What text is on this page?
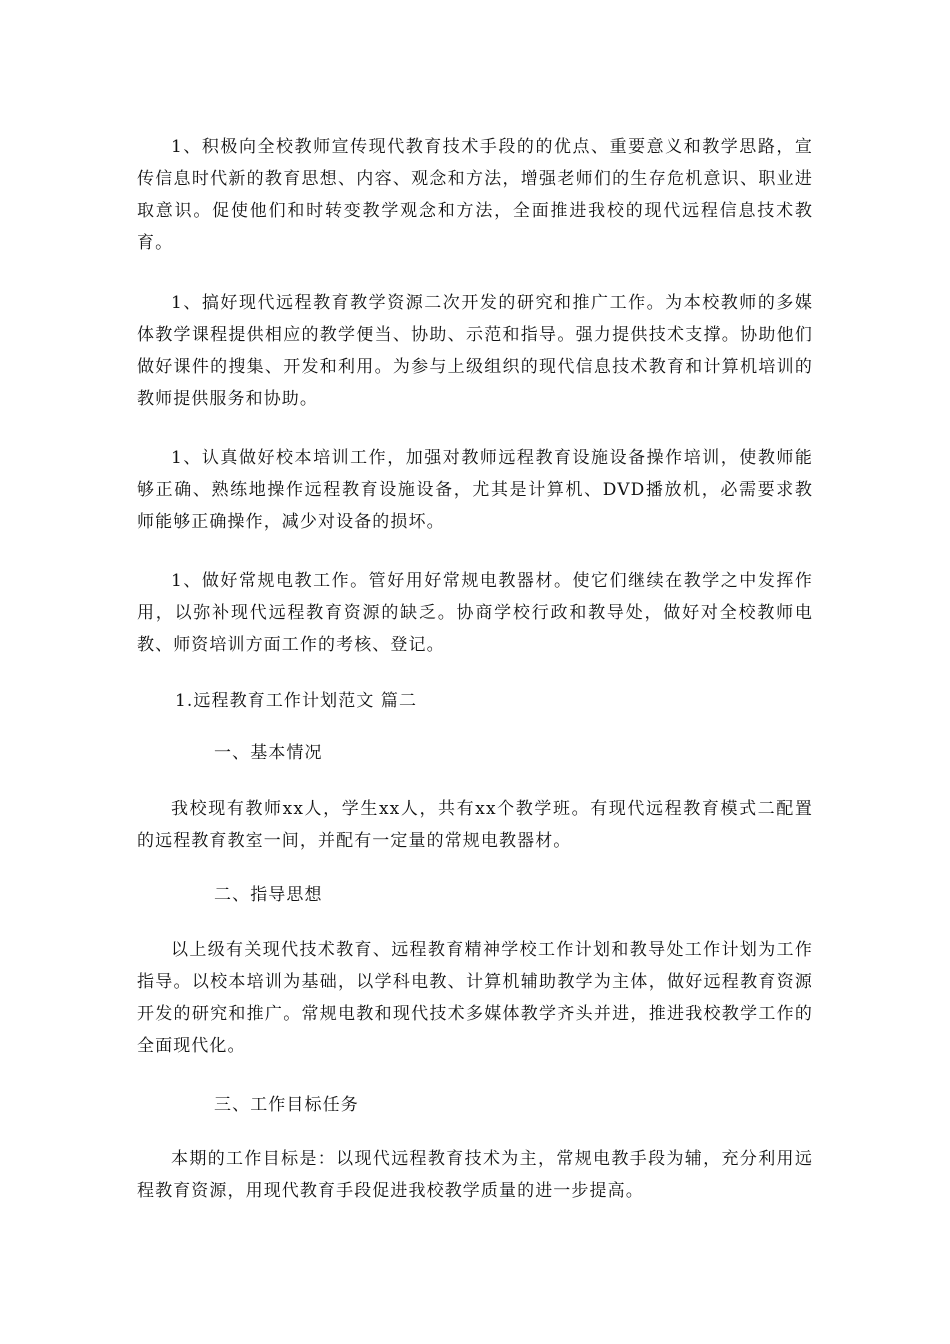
1、积极向全校教师宣传现代教育技术手段的的优点、重要意义和教学思路，宣传信息时代新的教育思想、内容、观念和方法，增强老师们的生存危机意识、职业进取意识。促使他们和时转变教学观念和方法，全面推进我校的现代远程信息技术教育。

1、搞好现代远程教育教学资源二次开发的研究和推广工作。为本校教师的多媒体教学课程提供相应的教学便当、协助、示范和指导。强力提供技术支撑。协助他们做好课件的搜集、开发和利用。为参与上级组织的现代信息技术教育和计算机培训的教师提供服务和协助。

1、认真做好校本培训工作，加强对教师远程教育设施设备操作培训，使教师能够正确、熟练地操作远程教育设施设备，尤其是计算机、DVD播放机，必需要求教师能够正确操作，减少对设备的损坏。

1、做好常规电教工作。管好用好常规电教器材。使它们继续在教学之中发挥作用，以弥补现代远程教育资源的缺乏。协商学校行政和教导处，做好对全校教师电教、师资培训方面工作的考核、登记。

1.远程教育工作计划范文 篇二

一、基本情况

我校现有教师xx人，学生xx人，共有xx个教学班。有现代远程教育模式二配置的远程教育教室一间，并配有一定量的常规电教器材。

二、指导思想

以上级有关现代技术教育、远程教育精神学校工作计划和教导处工作计划为工作指导。以校本培训为基础，以学科电教、计算机辅助教学为主体，做好远程教育资源开发的研究和推广。常规电教和现代技术多媒体教学齐头并进，推进我校教学工作的全面现代化。

三、工作目标任务

本期的工作目标是：以现代远程教育技术为主，常规电教手段为辅，充分利用远程教育资源，用现代教育手段促进我校教学质量的进一步提高。
